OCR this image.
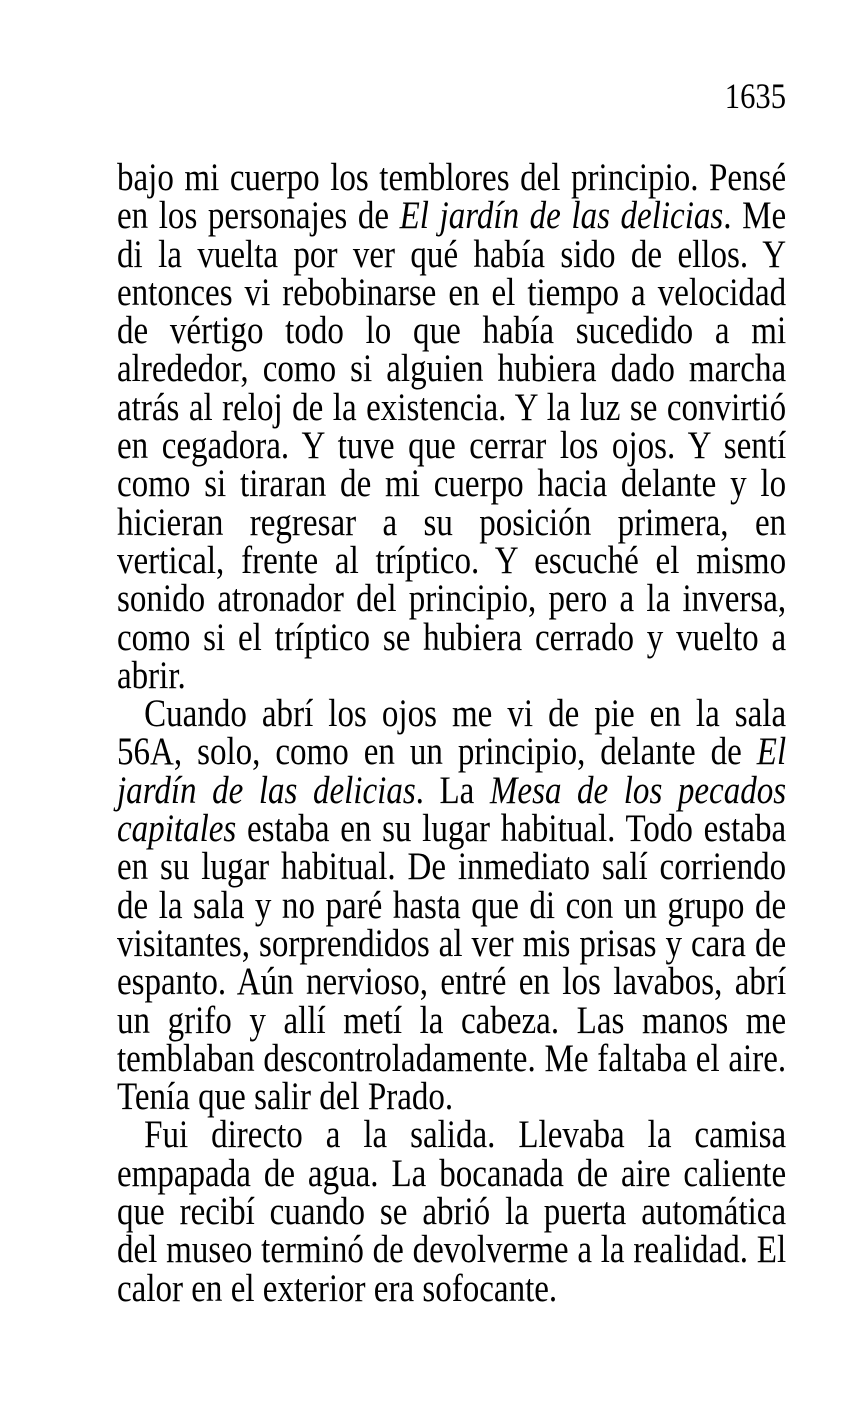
1635

bajo mi cuerpo los temblores del principio. Pensé en los personajes de El jardín de las delicias. Me di la vuelta por ver qué había sido de ellos. Y entonces vi rebobinarse en el tiempo a velocidad de vértigo todo lo que había sucedido a mi alrededor, como si alguien hubiera dado marcha atrás al reloj de la existencia. Y la luz se convirtió en cegadora. Y tuve que cerrar los ojos. Y sentí como si tiraran de mi cuerpo hacia delante y lo hicieran regresar a su posición primera, en vertical, frente al tríptico. Y escuché el mismo sonido atronador del principio, pero a la inversa, como si el tríptico se hubiera cerrado y vuelto a abrir.

Cuando abrí los ojos me vi de pie en la sala 56A, solo, como en un principio, delante de El jardín de las delicias. La Mesa de los pecados capitales estaba en su lugar habitual. Todo estaba en su lugar habitual. De inmediato salí corriendo de la sala y no paré hasta que di con un grupo de visitantes, sorprendidos al ver mis prisas y cara de espanto. Aún nervioso, entré en los lavabos, abrí un grifo y allí metí la cabeza. Las manos me temblaban descontroladamente. Me faltaba el aire. Tenía que salir del Prado.

Fui directo a la salida. Llevaba la camisa empapada de agua. La bocanada de aire caliente que recibí cuando se abrió la puerta automática del museo terminó de devolverme a la realidad. El calor en el exterior era sofocante.
